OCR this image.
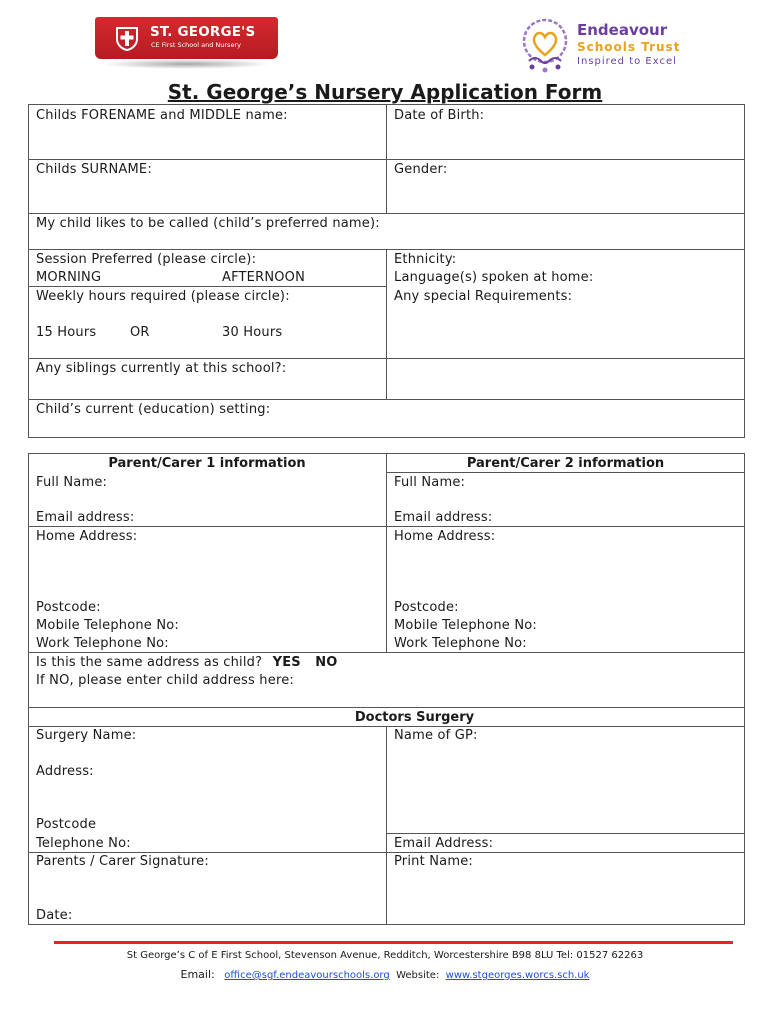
ST. GEORGE'S
CE First School and Nursery
Endeavour
Schools Trust
Inspired to Excel
St. George’s Nursery Application Form
Childs FORENAME and MIDDLE name:	Date of Birth:
Childs SURNAME:	Gender:
My child likes to be called (child’s preferred name):
Session Preferred (please circle):
MORNING	AFTERNOON
Weekly hours required (please circle):
15 Hours	OR	30 Hours
Ethnicity:
Language(s) spoken at home:
Any special Requirements:
Any siblings currently at this school?:
Child’s current (education) setting:
Parent/Carer 1 information	Parent/Carer 2 information
Full Name:	Full Name:
Email address:	Email address:
Home Address:	Home Address:
Postcode:	Postcode:
Mobile Telephone No:	Mobile Telephone No:
Work Telephone No:	Work Telephone No:
Is this the same address as child? YES NO
If NO, please enter child address here:
Doctors Surgery
Surgery Name:	Name of GP:
Address:
Postcode
Telephone No:	Email Address:
Parents / Carer Signature:	Print Name:
Date:
St George’s C of E First School, Stevenson Avenue, Redditch, Worcestershire B98 8LU Tel: 01527 62263
Email: office@sgf.endeavourschools.org Website: www.stgeorges.worcs.sch.uk
